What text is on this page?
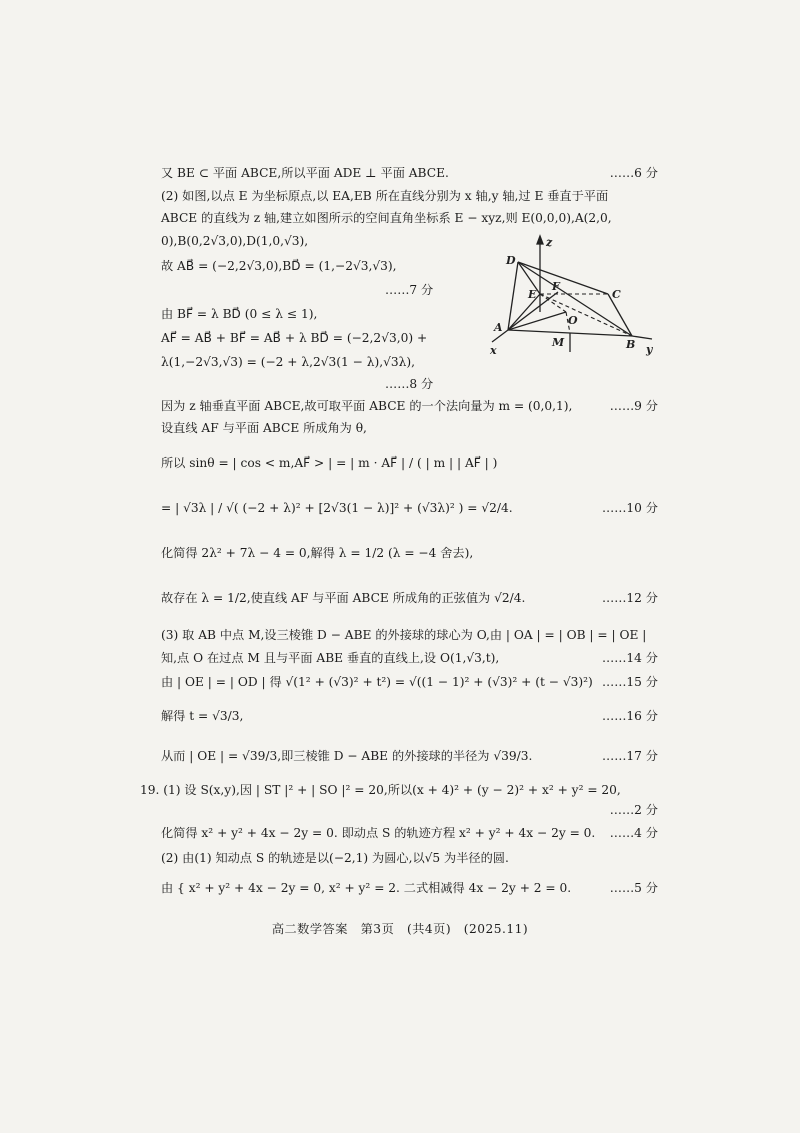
又 BE ⊂ 平面 ABCE,所以平面 ADE ⊥ 平面 ABCE.	……6 分
(2) 如图,以点 E 为坐标原点,以 EA,EB 所在直线分别为 x 轴,y 轴,过 E 垂直于平面
ABCE 的直线为 z 轴,建立如图所示的空间直角坐标系 E − xyz,则 E(0,0,0),A(2,0,
0),B(0,2√3,0),D(1,0,√3),
故 AB⃗ = (−2,2√3,0),BD⃗ = (1,−2√3,√3),
……7 分
由 BF⃗ = λ BD⃗ (0 ≤ λ ≤ 1),
AF⃗ = AB⃗ + BF⃗ = AB⃗ + λ BD⃗ = (−2,2√3,0) +
λ(1,−2√3,√3) = (−2 + λ,2√3(1 − λ),√3λ),
……8 分
因为 z 轴垂直平面 ABCE,故可取平面 ABCE 的一个法向量为 m = (0,0,1),	……9 分
设直线 AF 与平面 ABCE 所成角为 θ,
所以 sinθ = | cos < m,AF⃗ > | = | m · AF⃗ | / ( | m | | AF⃗ | )
= | √3λ | / √( (−2 + λ)² + [2√3(1 − λ)]² + (√3λ)² ) = √2/4.	……10 分
化简得 2λ² + 7λ − 4 = 0,解得 λ = 1/2 (λ = −4 舍去),
故存在 λ = 1/2,使直线 AF 与平面 ABCE 所成角的正弦值为 √2/4.	……12 分
(3) 取 AB 中点 M,设三棱锥 D − ABE 的外接球的球心为 O,由 | OA | = | OB | = | OE |
知,点 O 在过点 M 且与平面 ABE 垂直的直线上,设 O(1,√3,t),	……14 分
由 | OE | = | OD | 得 √(1² + (√3)² + t²) = √((1 − 1)² + (√3)² + (t − √3)²) ……15 分
解得 t = √3/3,	……16 分
从而 | OE | = √39/3,即三棱锥 D − ABE 的外接球的半径为 √39/3.	……17 分
19. (1) 设 S(x,y),因 | ST |² + | SO |² = 20,所以(x + 4)² + (y − 2)² + x² + y² = 20,
……2 分
化简得 x² + y² + 4x − 2y = 0. 即动点 S 的轨迹方程 x² + y² + 4x − 2y = 0. ……4 分
(2) 由(1) 知动点 S 的轨迹是以(−2,1) 为圆心,以√5 为半径的圆.
由 { x² + y² + 4x − 2y = 0, x² + y² = 2. 二式相减得 4x − 2y + 2 = 0.	……5 分
z
D
C
F
E
O
A
M	B
x	y
高二数学答案　第3页　(共4页)　(2025.11)
